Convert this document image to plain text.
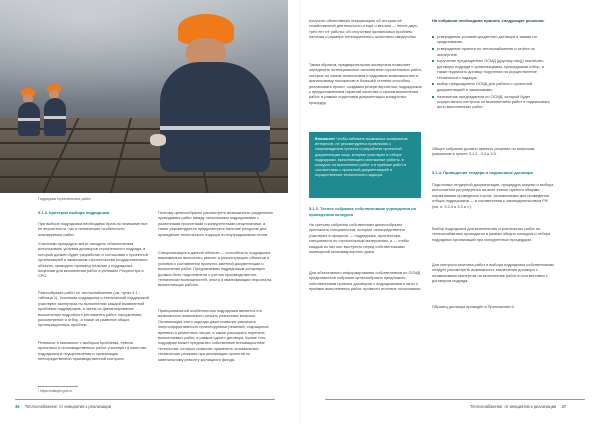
Подрядчик строительных работ
5.1.3. Критерии выбора подрядчика

При выборе подрядчика необходимо брать во внимание все ее вероятности, так и технические особенности планируемых работ.

Участники процедуры могут находить обязательным использовать условия договоров строительного подряда, в который должен будет разработан и согласован с проектной организацией и заказчиком строительства государственного объекта, проводить проверку наличия у подрядчика лицензии для выполнения работ в условиях Росреестра и СРО.

Разнообразие работ по теплоснабжению (см. пункт 4.1.; таблица 1). Усилиями подрядчика и технической поддержкой участвуют экспертиза по выполнению каждой выявленной проблемы подрядчиков, а затем их финансирование выполнению подробного регламента работ, оформление, рассмотрение и отбор, а также за развитие общих организационных проблем.

Реальное и связанное с выбором проблемы, этапов проектных и производственных работ участвуют в качестве подрядчика в осуществлении и организации непосредственной производственной контроля.

Поэтому целесообразно рассмотреть возможность разделения проводимых работ между несколькими подрядчиками с различными проектными и конкурентными результатами, а также рекомендуется предусмотреть наличие ресурсов для проведения технического надзора по внутридомовым сетям.

Специализация в данной области — способность подрядчика максимально выполнять ремонт и реконструкцию объектов и условия о составлении проектно-сметной документации и выполнения работ. Предлагаемая подрядчиком концепция должна быть подготовлена с учетом производственно-технических возможностей, опыта и квалификации персонала, выполняющих работы.

Принципиальной особенностью подрядчика является его возможность комплексно решать различные вопросы. Оптимизация этого подхода даже позволит увеличить энергоэффективность проектируемых решений, сокращение времени и ремонтных затрат, а также расширить перечень выполняемых работ, в рамках одного договора. Кроме того, подрядчик может предлагать собственные инновационные технологии, которые позволят применить оптимальные технические решения при реализации проектов по капитальному ремонту жилищного фонда.

¹ https://zakupki.gov.ru
36 Теплоснабжение: от инициатив к реализации

получить объективную информацию об истории её хозяйственной деятельности и ещё о многом — после двух-трёх лет её работы; об отсутствии финансовых проблем, наличии и размере потенциального залогового имущества.

Таким образом, предварительная экспертиза позволяет определить потенциальные исполнители строительных работ, которые по своим техническим и кадровым возможностям и финансовому положению в большей степени способны реализовать проект; создавая резерв вероятных подрядчиков с предоставлением гарантий качества и сроков выполнения работ, в рамках подготовки документации конкурсных процедур.

Внимание! Чтобы избежать возможных конфликтов интересов, не рекомендуется привлекать к сопровождению проекта и разработке проектной документации лица, которые участвуют в отборе подрядчика, выполняющего монтажные работы, в конкурсе на выполнение работ и в приёмке работ в соответствии с проектной документацией и осуществлении технического надзора.
5.1.3. Тесное собрание собственников учреждения по проведению конкурса

На третьем собрании собственники целесообразно пригласить специалистов, которые непосредственно участвуют в процессе — подрядчика, архитектора, специалиста по строительным материалам, и — чтобы каждый из них мог выступить перед собственниками помещений многоквартирного дома.

Для объективного информирования собственников по ОСМД представители собрания целесообразно предложить собственникам проекты договоров с подрядчиками и акты о приёмке выполненных работ, провести итоговое голосование.

На собрании необходимо принять следующие решения:
утверждение условий кредитного договора и заявки на кредитование;
утверждение проекта по теплоснабжению и отчёта по экспертизе;
поручение председателю ОСМД (другому лицу) заключить договоры подряда с организациями, прошедшими отбор, а также подписать договор поручения на осуществление технического надзора;
выбор председателя ОСМД для работы с проектной документацией и заказчиками;
назначение председателя по ОСМД, который будет осуществлять контроль за выполнением работ и подписывать акты выполненных работ.

Общее собрание должно принять решение по вопросам, указанным в пункте 3.1.2., 3.4 и 3.5.

5.1.4. Проведение тендера и подписание договора

Подготовка тендерной документации, процедура закупки и выбора исполнителя регулируются на всех этапах проекта общими нормативами проведения торгов, изложенными для проведения отбора подрядчиков — в соответствии с законодательством РФ (см. п. 3.2.4 и 3.3 и т.).

Выбор подрядчика для выполнения строительных работ по теплоснабжению проводится в рамках общего конкурса и отбора подрядных организаций при конкурентных процедурах.

Для контроля качества работ и выбора подрядчика собственникам следует рассмотреть возможность заключения договора с независимым экспертом на выполнение работ в соответствии с договором подряда.

Образец договора приведён в Приложении 6.

Теплоснабжение: от инициатив к реализации 37
